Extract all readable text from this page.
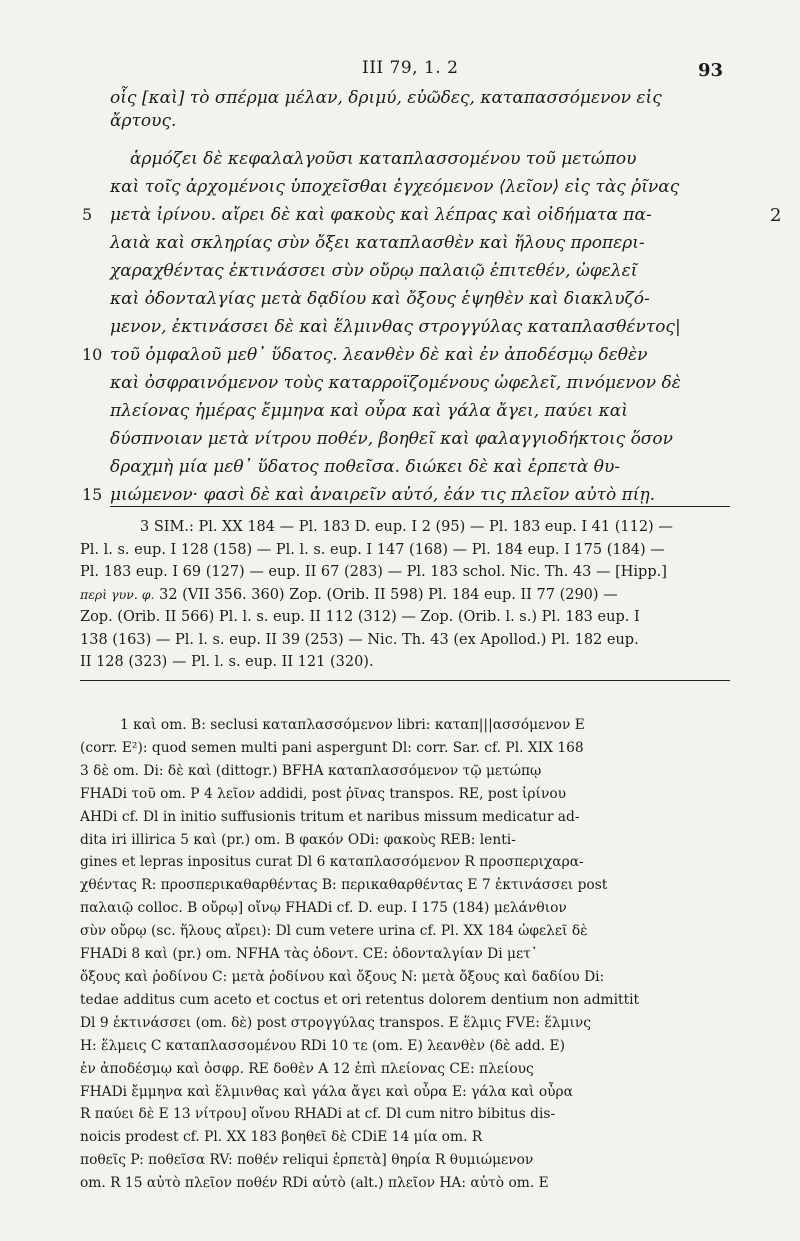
III 79, 1. 2	93
οἷς [καὶ] τὸ σπέρμα μέλαν, δριμύ, εὐῶδες, καταπασσόμενον εἰς
ἄρτους.
ἁρμόζει δὲ κεφαλαλγοῦσι καταπλασσομένου τοῦ μετώπου
καὶ τοῖς ἀρχομένοις ὑποχεῖσθαι ἐγχεόμενον ⟨λεῖον⟩ εἰς τὰς ῥῖνας
5 μετὰ ἰρίνου. αἴρει δὲ καὶ φακοὺς καὶ λέπρας καὶ οἰδήματα πα-	2
λαιὰ καὶ σκληρίας σὺν ὄξει καταπλασθὲν καὶ ἥλους προπερι-
χαραχθέντας ἐκτινάσσει σὺν οὔρῳ παλαιῷ ἐπιτεθέν, ὠφελεῖ
καὶ ὀδονταλγίας μετὰ δᾳδίου καὶ ὄξους ἑψηθὲν καὶ διακλυζό-
μενον, ἐκτινάσσει δὲ καὶ ἕλμινθας στρογγύλας καταπλασθέντος|
10 τοῦ ὀμφαλοῦ μεθ᾽ ὕδατος. λεανθὲν δὲ καὶ ἐν ἀποδέσμῳ δεθὲν
καὶ ὀσφραινόμενον τοὺς καταρροϊζομένους ὠφελεῖ, πινόμενον δὲ
πλείονας ἡμέρας ἔμμηνα καὶ οὖρα καὶ γάλα ἄγει, παύει καὶ
δύσπνοιαν μετὰ νίτρου ποθέν, βοηθεῖ καὶ φαλαγγιοδήκτοις ὅσον
δραχμὴ μία μεθ᾽ ὕδατος ποθεῖσα. διώκει δὲ καὶ ἑρπετὰ θυ-
15 μιώμενον· φασὶ δὲ καὶ ἀναιρεῖν αὐτό, ἐάν τις πλεῖον αὐτὸ πίῃ.
3 SIM.: Pl. XX 184 — Pl. 183 D. eup. I 2 (95) — Pl. 183 eup. I 41 (112) —
Pl. l. s. eup. I 128 (158) — Pl. l. s. eup. I 147 (168) — Pl. 184 eup. I 175 (184) —
Pl. 183 eup. I 69 (127) — eup. II 67 (283) — Pl. 183 schol. Nic. Th. 43 — [Hipp.]
περὶ γυν. φ. 32 (VII 356. 360) Zop. (Orib. II 598) Pl. 184 eup. II 77 (290) —
Zop. (Orib. II 566) Pl. l. s. eup. II 112 (312) — Zop. (Orib. l. s.) Pl. 183 eup. I
138 (163) — Pl. l. s. eup. II 39 (253) — Nic. Th. 43 (ex Apollod.) Pl. 182 eup.
II 128 (323) — Pl. l. s. eup. II 121 (320).
1 καὶ om. B: seclusi καταπλασσόμενον libri: καταπ|||ασσόμενον E
(corr. E²): quod semen multi pani aspergunt Dl: corr. Sar. cf. Pl. XIX 168
3 δὲ om. Di: δὲ καὶ (dittogr.) BFHA καταπλασσόμενον τῷ μετώπῳ
FHADi τοῦ om. P 4 λεῖον addidi, post ῥῖνας transpos. RE, post ἰρίνου
AHDi cf. Dl in initio suffusionis tritum et naribus missum medicatur ad-
dita iri illirica 5 καὶ (pr.) om. B φακόν ODi: φακοὺς REB: lenti-
gines et lepras inpositus curat Dl 6 καταπλασσόμενον R προσπεριχαρα-
χθέντας R: προσπερικαθαρθέντας B: περικαθαρθέντας E 7 ἐκτινάσσει post
παλαιῷ colloc. B οὔρῳ] οἴνῳ FHADi cf. D. eup. I 175 (184) μελάνθιον
σὺν οὔρῳ (sc. ἥλους αἴρει): Dl cum vetere urina cf. Pl. XX 184 ὠφελεῖ δὲ
FHADi 8 καὶ (pr.) om. NFHA τὰς ὀδοντ. CE: ὀδονταλγίαν Di μετ᾽
ὄξους καὶ ῥοδίνου C: μετὰ ῥοδίνου καὶ ὄξους N: μετὰ ὄξους καὶ δαδίου Di:
tedae additus cum aceto et coctus et ori retentus dolorem dentium non admittit
Dl 9 ἐκτινάσσει (om. δὲ) post στρογγύλας transpos. E ἕλμις FVE: ἕλμινς
H: ἕλμεις C καταπλασσομένου RDi 10 τε (om. E) λεανθὲν (δὲ add. E)
ἐν ἀποδέσμῳ καὶ ὀσφρ. RE δοθὲν A 12 ἐπὶ πλείονας CE: πλείους
FHADi ἔμμηνα καὶ ἕλμινθας καὶ γάλα ἄγει καὶ οὖρα E: γάλα καὶ οὖρα
R παύει δὲ E 13 νίτρου] οἴνου RHADi at cf. Dl cum nitro bibitus dis-
noicis prodest cf. Pl. XX 183 βοηθεῖ δὲ CDiE 14 μία om. R
ποθεῖς P: ποθεῖσα RV: ποθέν reliqui ἑρπετὰ] θηρία R θυμιώμενον
om. R 15 αὐτὸ πλεῖον ποθέν RDi αὐτὸ (alt.) πλεῖον HA: αὐτὸ om. E
